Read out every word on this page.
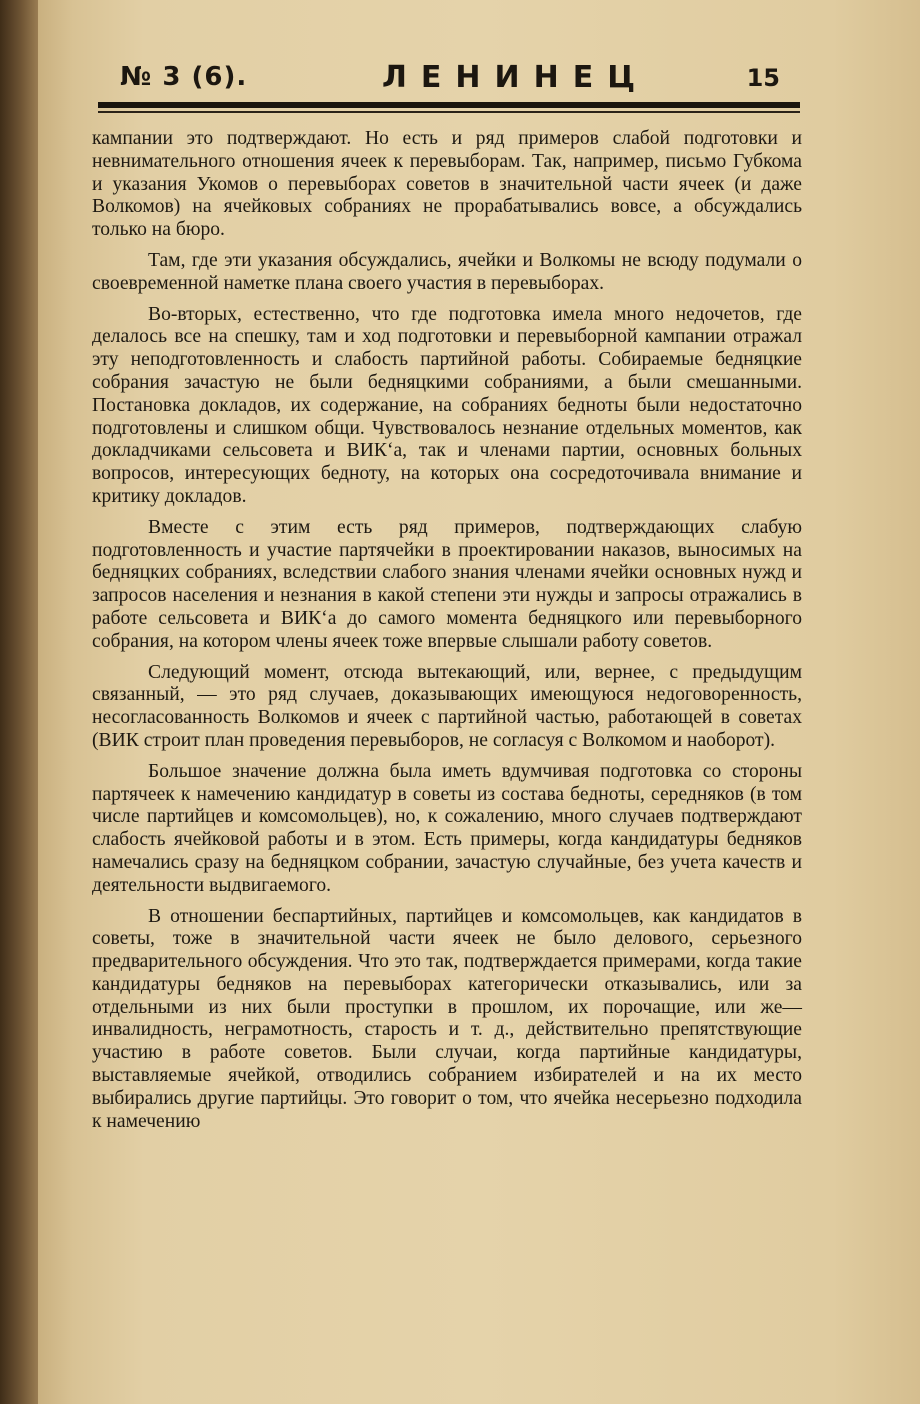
№ 3 (6).	ЛЕНИНЕЦ	15

кампании это подтверждают. Но есть и ряд примеров слабой подготовки и невнимательного отношения ячеек к перевыборам. Так, например, письмо Губкома и указания Укомов о перевыборах советов в значительной части ячеек (и даже Волкомов) на ячейковых собраниях не прорабатывались вовсе, а обсуждались только на бюро.

Там, где эти указания обсуждались, ячейки и Волкомы не всюду подумали о своевременной наметке плана своего участия в перевыборах.

Во-вторых, естественно, что где подготовка имела много недочетов, где делалось все на спешку, там и ход подготовки и перевыборной кампании отражал эту неподготовленность и слабость партийной работы. Собираемые бедняцкие собрания зачастую не были бедняцкими собраниями, а были смешанными. Постановка докладов, их содержание, на собраниях бедноты были недостаточно подготовлены и слишком общи. Чувствовалось незнание отдельных моментов, как докладчиками сельсовета и ВИК‘а, так и членами партии, основных больных вопросов, интересующих бедноту, на которых она сосредоточивала внимание и критику докладов.

Вместе с этим есть ряд примеров, подтверждающих слабую подготовленность и участие партячейки в проектировании наказов, выносимых на бедняцких собраниях, вследствии слабого знания членами ячейки основных нужд и запросов населения и незнания в какой степени эти нужды и запросы отражались в работе сельсовета и ВИК‘а до самого момента бедняцкого или перевыборного собрания, на котором члены ячеек тоже впервые слышали работу советов.

Следующий момент, отсюда вытекающий, или, вернее, с предыдущим связанный, — это ряд случаев, доказывающих имеющуюся недоговоренность, несогласованность Волкомов и ячеек с партийной частью, работающей в советах (ВИК строит план проведения перевыборов, не согласуя с Волкомом и наоборот).

Большое значение должна была иметь вдумчивая подготовка со стороны партячеек к намечению кандидатур в советы из состава бедноты, середняков (в том числе партийцев и комсомольцев), но, к сожалению, много случаев подтверждают слабость ячейковой работы и в этом. Есть примеры, когда кандидатуры бедняков намечались сразу на бедняцком собрании, зачастую случайные, без учета качеств и деятельности выдвигаемого.

В отношении беспартийных, партийцев и комсомольцев, как кандидатов в советы, тоже в значительной части ячеек не было делового, серьезного предварительного обсуждения. Что это так, подтверждается примерами, когда такие кандидатуры бедняков на перевыборах категорически отказывались, или за отдельными из них были проступки в прошлом, их порочащие, или же—инвалидность, неграмотность, старость и т. д., действительно препятствующие участию в работе советов. Были случаи, когда партийные кандидатуры, выставляемые ячейкой, отводились собранием избирателей и на их место выбирались другие партийцы. Это говорит о том, что ячейка несерьезно подходила к намечению
